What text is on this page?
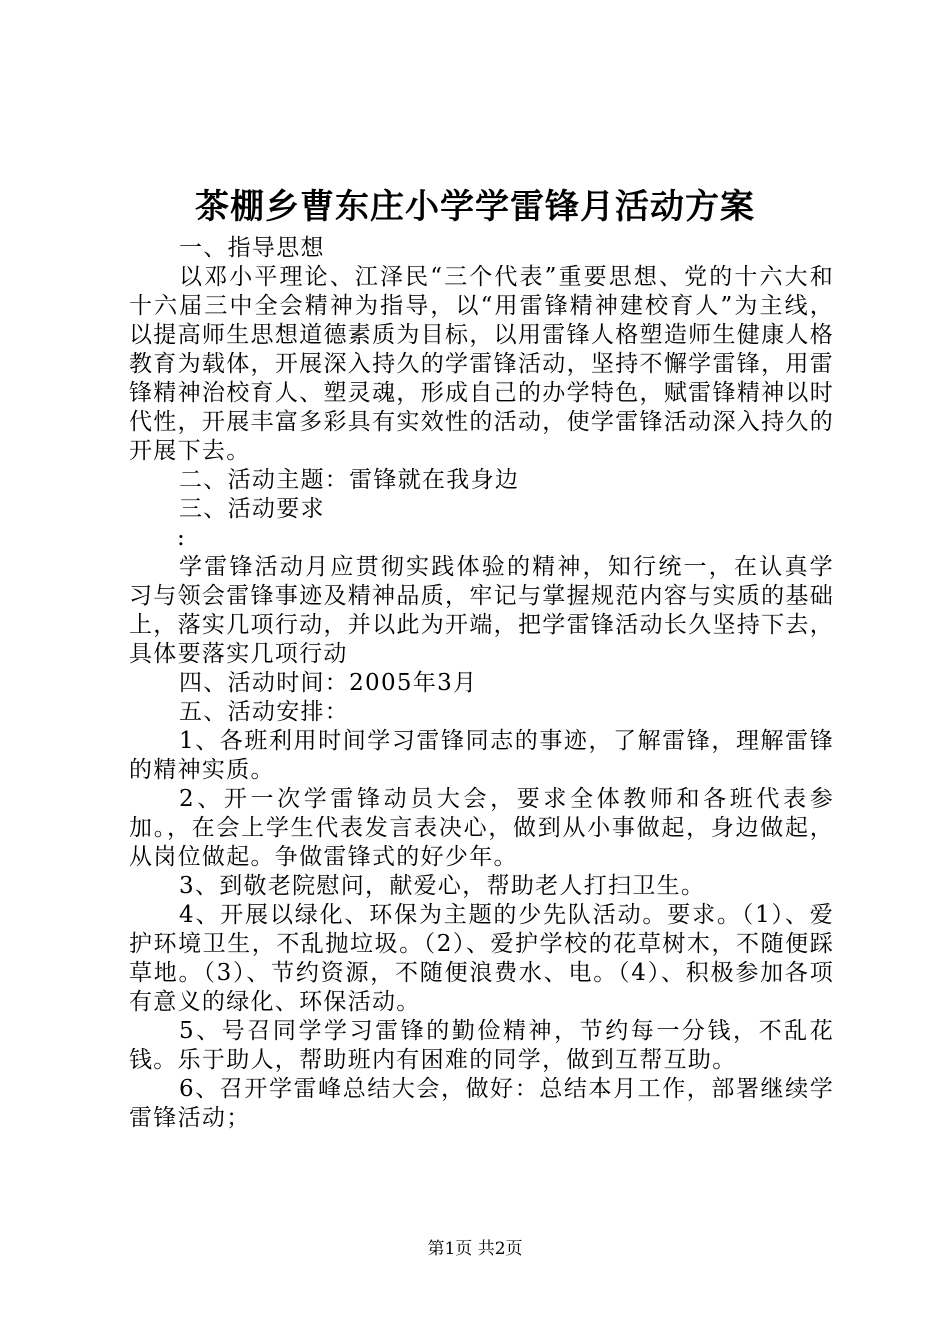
茶棚乡曹东庄小学学雷锋月活动方案

一、指导思想

以邓小平理论、江泽民“三个代表”重要思想、党的十六大和十六届三中全会精神为指导，以“用雷锋精神建校育人”为主线，以提高师生思想道德素质为目标，以用雷锋人格塑造师生健康人格教育为载体，开展深入持久的学雷锋活动，坚持不懈学雷锋，用雷锋精神治校育人、塑灵魂，形成自己的办学特色，赋雷锋精神以时代性，开展丰富多彩具有实效性的活动，使学雷锋活动深入持久的开展下去。

二、活动主题：雷锋就在我身边

三、活动要求

:

学雷锋活动月应贯彻实践体验的精神，知行统一，在认真学习与领会雷锋事迹及精神品质，牢记与掌握规范内容与实质的基础上，落实几项行动，并以此为开端，把学雷锋活动长久坚持下去，具体要落实几项行动

四、活动时间：2005年3月

五、活动安排：

1、各班利用时间学习雷锋同志的事迹，了解雷锋，理解雷锋的精神实质。

2、开一次学雷锋动员大会，要求全体教师和各班代表参加。，在会上学生代表发言表决心，做到从小事做起，身边做起，从岗位做起。争做雷锋式的好少年。

3、到敬老院慰问，献爱心，帮助老人打扫卫生。

4、开展以绿化、环保为主题的少先队活动。要求。（1）、爱护环境卫生，不乱抛垃圾。（2）、爱护学校的花草树木，不随便踩草地。（3）、节约资源，不随便浪费水、电。（4）、积极参加各项有意义的绿化、环保活动。

5、号召同学学习雷锋的勤俭精神，节约每一分钱，不乱花钱。乐于助人，帮助班内有困难的同学，做到互帮互助。

6、召开学雷峰总结大会，做好：总结本月工作，部署继续学雷锋活动；

第1页 共2页
